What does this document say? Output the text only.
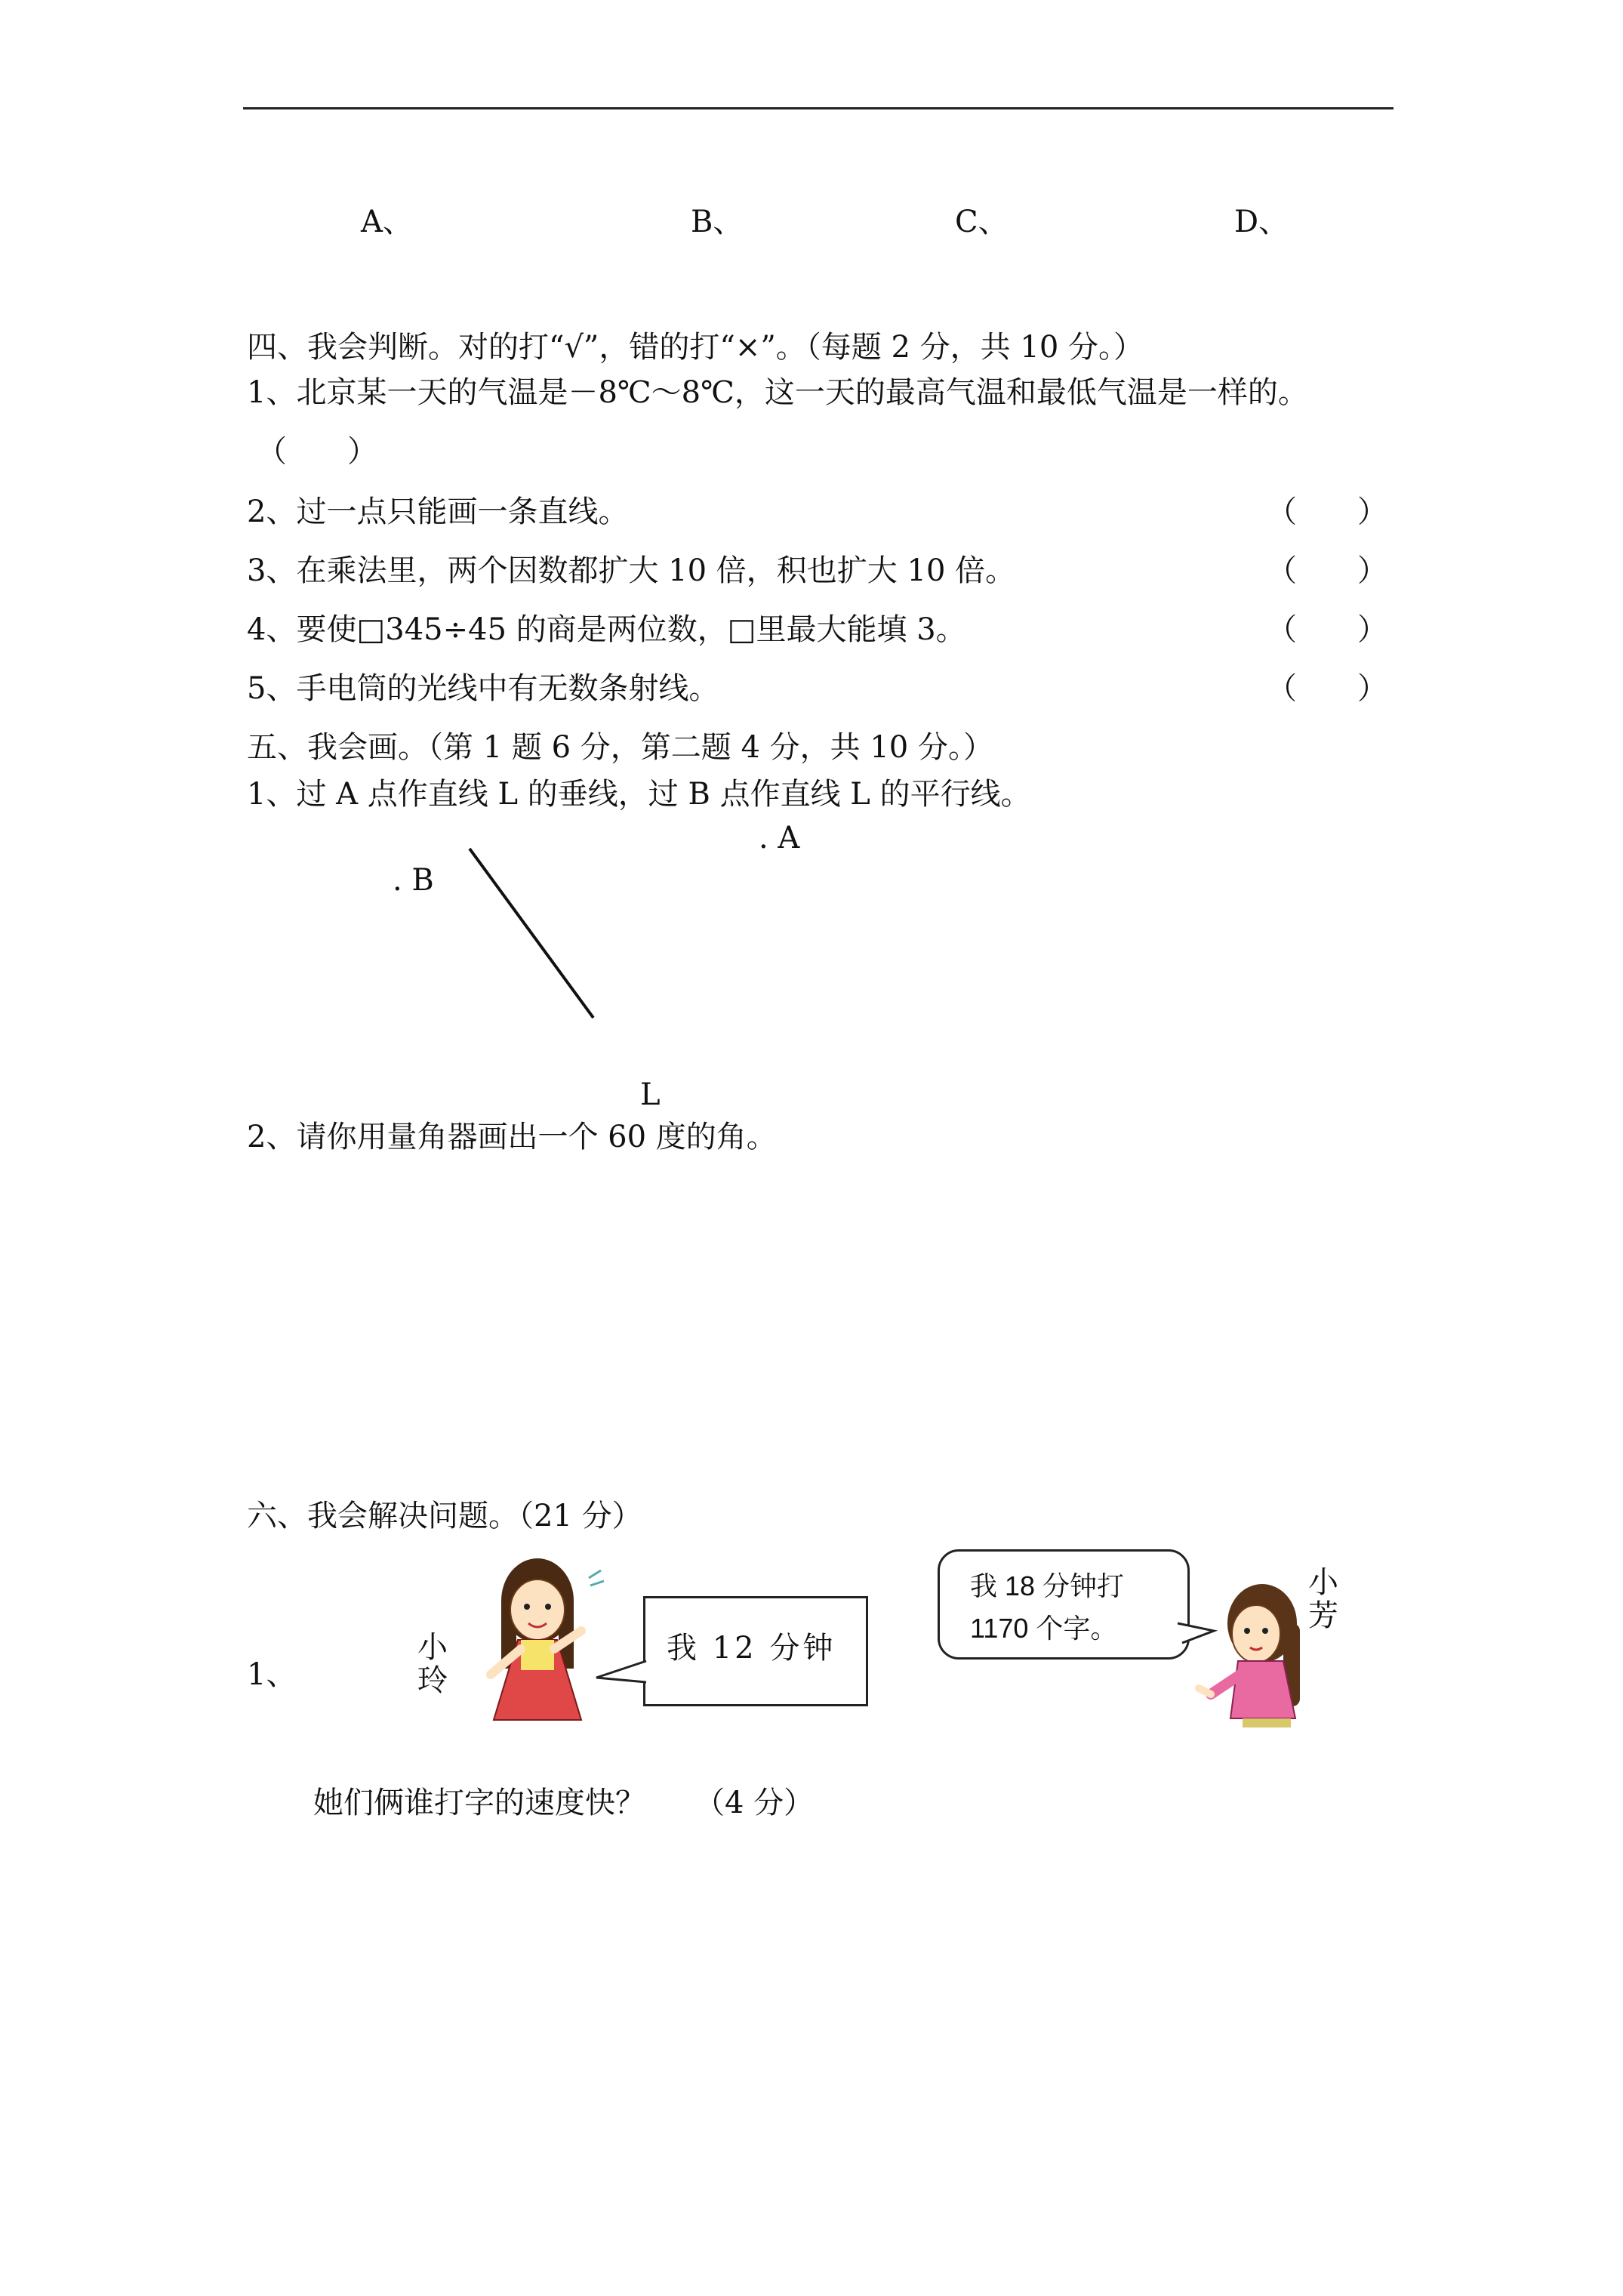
A、	B、	C、	D、
四、我会判断。对的打“√”，错的打“×”。（每题 2 分，共 10 分。）
1、北京某一天的气温是－8℃～8℃，这一天的最高气温和最低气温是一样的。
（　　）
2、过一点只能画一条直线。	（　　）
3、在乘法里，两个因数都扩大 10 倍，积也扩大 10 倍。	（　　）
4、要使□345÷45 的商是两位数，□里最大能填 3。	（　　）
5、手电筒的光线中有无数条射线。	（　　）
五、我会画。（第 1 题 6 分，第二题 4 分，共 10 分。）
1、过 A 点作直线 L 的垂线，过 B 点作直线 L 的平行线。
. A
. B
L
2、请你用量角器画出一个 60 度的角。
六、我会解决问题。（21 分）
1、
小
玲
我 12 分钟
我 18 分钟打
1170 个字。
小
芳
她们俩谁打字的速度快？ （4 分）
